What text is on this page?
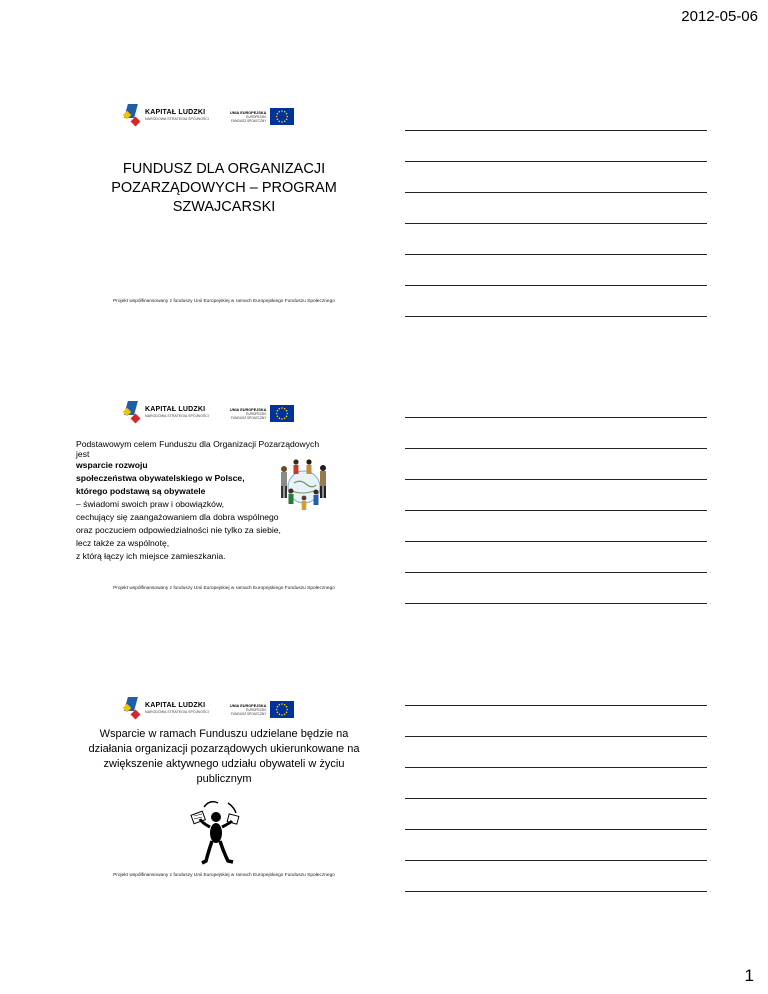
2012-05-06
KAPITAŁ LUDZKI
NARODOWA STRATEGIA SPÓJNOŚCI
UNIA EUROPEJSKA
EUROPEJSKI
FUNDUSZ SPOŁECZNY
FUNDUSZ DLA ORGANIZACJI POZARZĄDOWYCH – PROGRAM SZWAJCARSKI
Projekt współfinansowany z funduszy Unii Europejskiej w ramach Europejskiego Funduszu Społecznego
KAPITAŁ LUDZKI
NARODOWA STRATEGIA SPÓJNOŚCI
UNIA EUROPEJSKA
EUROPEJSKI
FUNDUSZ SPOŁECZNY
Podstawowym celem Funduszu dla Organizacji Pozarządowych jest
wsparcie rozwoju
społeczeństwa obywatelskiego w Polsce,
którego podstawą są obywatele
– świadomi swoich praw i obowiązków,
cechujący się zaangażowaniem dla dobra wspólnego
oraz poczuciem odpowiedzialności nie tylko za siebie,
lecz także za wspólnotę,
z którą łączy ich miejsce zamieszkania.
Projekt współfinansowany z funduszy Unii Europejskiej w ramach Europejskiego Funduszu Społecznego
KAPITAŁ LUDZKI
NARODOWA STRATEGIA SPÓJNOŚCI
UNIA EUROPEJSKA
EUROPEJSKI
FUNDUSZ SPOŁECZNY
Wsparcie w ramach Funduszu udzielane będzie na działania organizacji pozarządowych ukierunkowane na zwiększenie aktywnego udziału obywateli w życiu publicznym
Projekt współfinansowany z funduszy Unii Europejskiej w ramach Europejskiego Funduszu Społecznego
1
